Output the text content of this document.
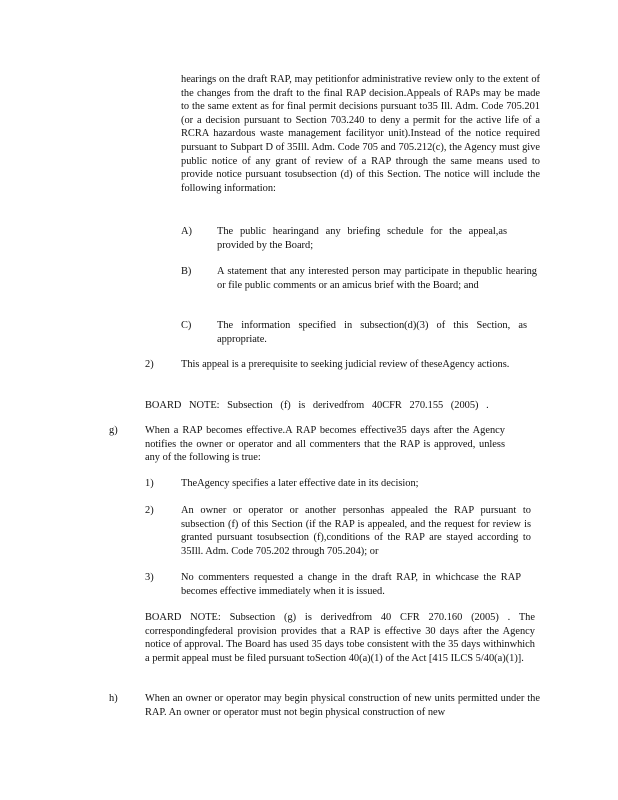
hearings on the draft RAP, may petitionfor administrative review only to the extent of the changes from the draft to the final RAP decision.Appeals of RAPs may be made to the same extent as for final permit decisions pursuant to35 Ill. Adm. Code 705.201 (or a decision pursuant to Section 703.240 to deny a permit for the active life of a RCRA hazardous waste management facilityor unit).Instead of the notice required pursuant to Subpart D of 35Ill. Adm. Code 705 and 705.212(c), the Agency must give public notice of any grant of review of a RAP through the same means used to provide notice pursuant tosubsection (d) of this Section. The notice will include the following information:

A) The public hearingand any briefing schedule for the appeal,as provided by the Board;

B) A statement that any interested person may participate in thepublic hearing or file public comments or an amicus brief with the Board; and

C) The information specified in subsection(d)(3) of this Section, as appropriate.

2)	This appeal is a prerequisite to seeking judicial review of theseAgency actions.

BOARD NOTE: Subsection (f) is derivedfrom 40CFR 270.155 (2005) .

g)	When a RAP becomes effective.A RAP becomes effective35 days after the Agency notifies the owner or operator and all commenters that the RAP is approved, unless any of the following is true:

1)	TheAgency specifies a later effective date in its decision;

2)	An owner or operator or another personhas appealed the RAP pursuant to subsection (f) of this Section (if the RAP is appealed, and the request for review is granted pursuant tosubsection (f),conditions of the RAP are stayed according to 35Ill. Adm. Code 705.202 through 705.204); or

3)	No commenters requested a change in the draft RAP, in whichcase the RAP becomes effective immediately when it is issued.

BOARD NOTE: Subsection (g) is derivedfrom 40 CFR 270.160 (2005) . The correspondingfederal provision provides that a RAP is effective 30 days after the Agency notice of approval. The Board has used 35 days tobe consistent with the 35 days withinwhich a permit appeal must be filed pursuant toSection 40(a)(1) of the Act [415 ILCS 5/40(a)(1)].

h)	When an owner or operator may begin physical construction of new units permitted under the RAP. An owner or operator must not begin physical construction of new
